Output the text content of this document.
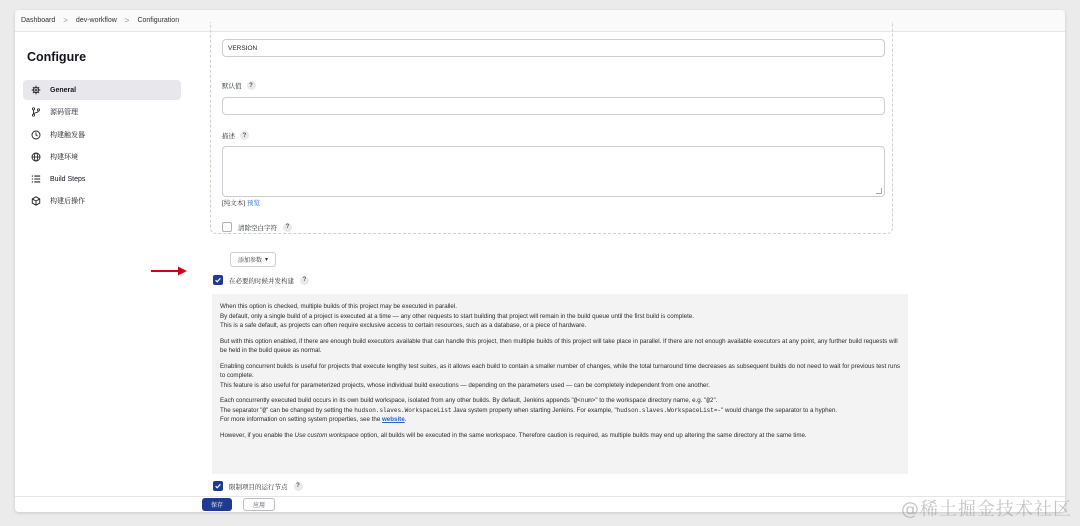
Dashboard > dev-workflow > Configuration
Configure
General
源码管理
构建触发器
构建环境
Build Steps
构建后操作
VERSION
默认值	?
描述	?
[纯文本] 预览
清除空白字符	?
添加参数 ▾
在必要的时候并发构建	?

When this option is checked, multiple builds of this project may be executed in parallel.
By default, only a single build of a project is executed at a time — any other requests to start building that project will remain in the build queue until the first build is complete.
This is a safe default, as projects can often require exclusive access to certain resources, such as a database, or a piece of hardware.

But with this option enabled, if there are enough build executors available that can handle this project, then multiple builds of this project will take place in parallel. If there are not enough available executors at any point, any further build requests will be held in the build queue as normal.

Enabling concurrent builds is useful for projects that execute lengthy test suites, as it allows each build to contain a smaller number of changes, while the total turnaround time decreases as subsequent builds do not need to wait for previous test runs to complete.
This feature is also useful for parameterized projects, whose individual build executions — depending on the parameters used — can be completely independent from one another.

Each concurrently executed build occurs in its own build workspace, isolated from any other builds. By default, Jenkins appends "@<num>" to the workspace directory name, e.g. "@2".
The separator "@" can be changed by setting the hudson.slaves.WorkspaceList Java system property when starting Jenkins. For example, "hudson.slaves.WorkspaceList=-" would change the separator to a hyphen.
For more information on setting system properties, see the website.

However, if you enable the Use custom workspace option, all builds will be executed in the same workspace. Therefore caution is required, as multiple builds may end up altering the same directory at the same time.

限制项目的运行节点	?
保存	应用	@稀土掘金技术社区
